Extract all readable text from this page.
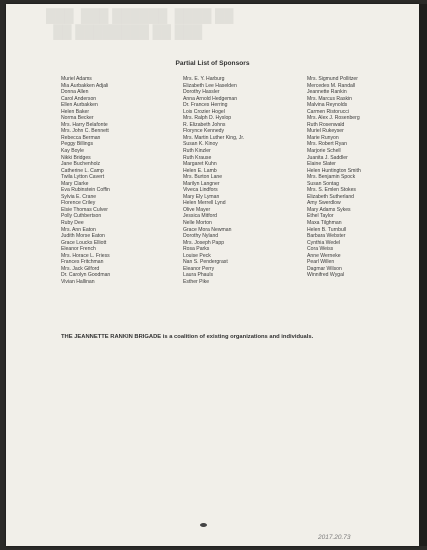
███  ███ ██████  ████ ██
██ ████████ ██ ███
Partial List of Sponsors
Muriel Adams
Mia Aurbakken Adjali
Donna Allen
Carol Anderson
Ellen Aurbakken
Helen Baker
Norma Becker
Mrs. Harry Belafonte
Mrs. John C. Bennett
Rebecca Berman
Peggy Billings
Kay Boyle
Nikki Bridges
Jane Buchenholz
Catherine L. Camp
Twila Lytton Cavert
Mary Clarke
Eva Rubinstein Coffin
Sylvia E. Crane
Florence Criley
Elsie Thomas Culver
Polly Cuthbertson
Ruby Dee
Mrs. Ann Eaton
Judith Morse Eaton
Grace Loucks Elliott
Eleanor French
Mrs. Horace L. Friess
Frances Fritchman
Mrs. Jack Gilford
Dr. Carolyn Goodman
Vivian Hallinan
Mrs. E. Y. Harburg
Elizabeth Lee Haselden
Dorothy Hassler
Anna Arnold Hedgeman
Dr. Frances Herring
Lois Crozier Hogel
Mrs. Ralph D. Hyslop
R. Elizabeth Johns
Florynce Kennedy
Mrs. Martin Luther King, Jr.
Susan K. Kinoy
Ruth Kinzler
Ruth Krause
Margaret Kuhn
Helen E. Lamb
Mrs. Burton Lane
Marilyn Langner
Viveca Lindfors
Mary Ely Lyman
Helen Merrell Lynd
Olive Mayer
Jessica Mitford
Nelle Morton
Grace Mora Newman
Dorothy Nyland
Mrs. Joseph Papp
Rosa Parks
Louise Peck
Nan S. Pendergrast
Eleanor Perry
Laura Phauls
Esther Pike
Mrs. Sigmund Pollitzer
Mercedes M. Randall
Jeannette Rankin
Mrs. Marcus Raskin
Malvina Reynolds
Carmen Ristorucci
Mrs. Alex J. Rosenberg
Ruth Rosenwald
Muriel Rukeyser
Marie Runyon
Mrs. Robert Ryan
Marjorie Schell
Juanita J. Saddler
Elaine Slater
Helen Huntington Smith
Mrs. Benjamin Spock
Susan Sontag
Mrs. S. Emlen Stokes
Elizabeth Sutherland
Amy Swerdlow
Mary Adams Sykes
Ethel Taylor
Maxa Tilghman
Helen B. Turnbull
Barbara Webster
Cynthia Wedel
Cora Weiss
Anne Werneke
Pearl Willen
Dagmar Wilson
Winnifred Wygal
THE JEANNETTE RANKIN BRIGADE is a coalition of existing organizations and individuals.
2017.20.73
